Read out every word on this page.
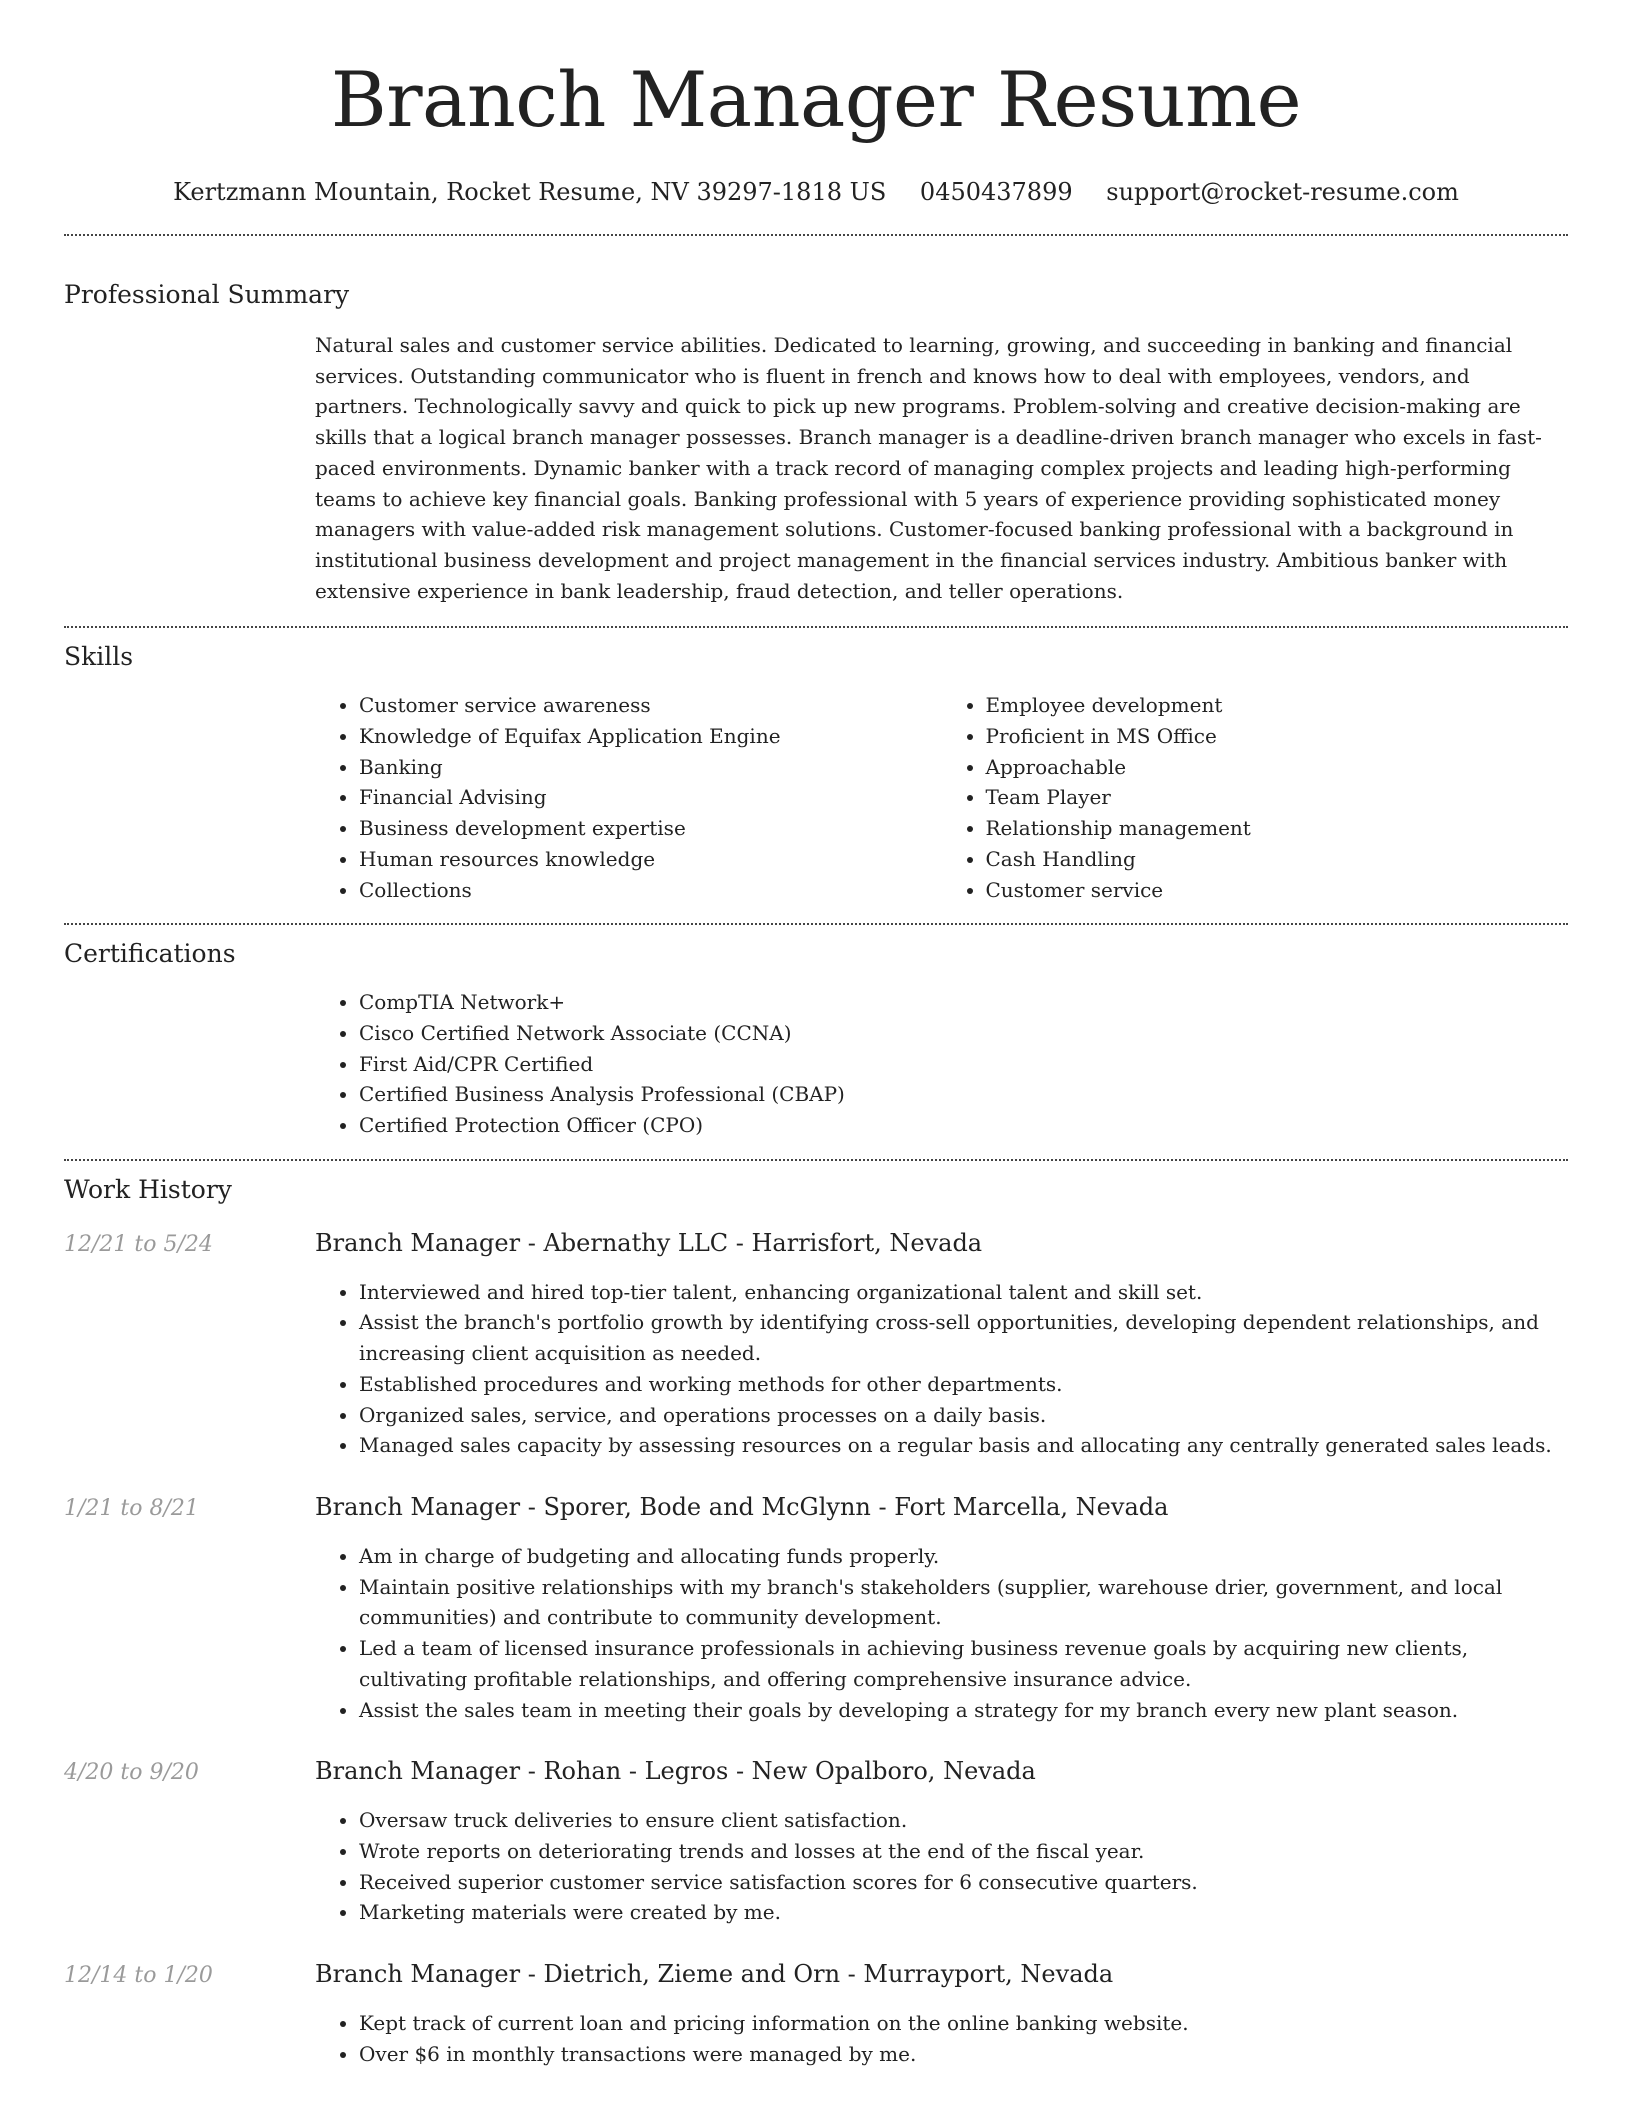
Branch Manager Resume
Kertzmann Mountain, Rocket Resume, NV 39297-1818 US 0450437899 support@rocket-resume.com
Professional Summary

Natural sales and customer service abilities. Dedicated to learning, growing, and succeeding in banking and financial services. Outstanding communicator who is fluent in french and knows how to deal with employees, vendors, and partners. Technologically savvy and quick to pick up new programs. Problem-solving and creative decision-making are skills that a logical branch manager possesses. Branch manager is a deadline-driven branch manager who excels in fast-paced environments. Dynamic banker with a track record of managing complex projects and leading high-performing teams to achieve key financial goals. Banking professional with 5 years of experience providing sophisticated money managers with value-added risk management solutions. Customer-focused banking professional with a background in institutional business development and project management in the financial services industry. Ambitious banker with extensive experience in bank leadership, fraud detection, and teller operations.

Skills
• Customer service awareness
• Knowledge of Equifax Application Engine
• Banking
• Financial Advising
• Business development expertise
• Human resources knowledge
• Collections
• Employee development
• Proficient in MS Office
• Approachable
• Team Player
• Relationship management
• Cash Handling
• Customer service
Certifications
• CompTIA Network+
• Cisco Certified Network Associate (CCNA)
• First Aid/CPR Certified
• Certified Business Analysis Professional (CBAP)
• Certified Protection Officer (CPO)
Work History
12/21 to 5/24	Branch Manager - Abernathy LLC - Harrisfort, Nevada
• Interviewed and hired top-tier talent, enhancing organizational talent and skill set.
• Assist the branch's portfolio growth by identifying cross-sell opportunities, developing dependent relationships, and increasing client acquisition as needed.
• Established procedures and working methods for other departments.
• Organized sales, service, and operations processes on a daily basis.
• Managed sales capacity by assessing resources on a regular basis and allocating any centrally generated sales leads.
1/21 to 8/21	Branch Manager - Sporer, Bode and McGlynn - Fort Marcella, Nevada
• Am in charge of budgeting and allocating funds properly.
• Maintain positive relationships with my branch's stakeholders (supplier, warehouse drier, government, and local communities) and contribute to community development.
• Led a team of licensed insurance professionals in achieving business revenue goals by acquiring new clients, cultivating profitable relationships, and offering comprehensive insurance advice.
• Assist the sales team in meeting their goals by developing a strategy for my branch every new plant season.
4/20 to 9/20	Branch Manager - Rohan - Legros - New Opalboro, Nevada
• Oversaw truck deliveries to ensure client satisfaction.
• Wrote reports on deteriorating trends and losses at the end of the fiscal year.
• Received superior customer service satisfaction scores for 6 consecutive quarters.
• Marketing materials were created by me.
12/14 to 1/20	Branch Manager - Dietrich, Zieme and Orn - Murrayport, Nevada
• Kept track of current loan and pricing information on the online banking website.
• Over $6 in monthly transactions were managed by me.
